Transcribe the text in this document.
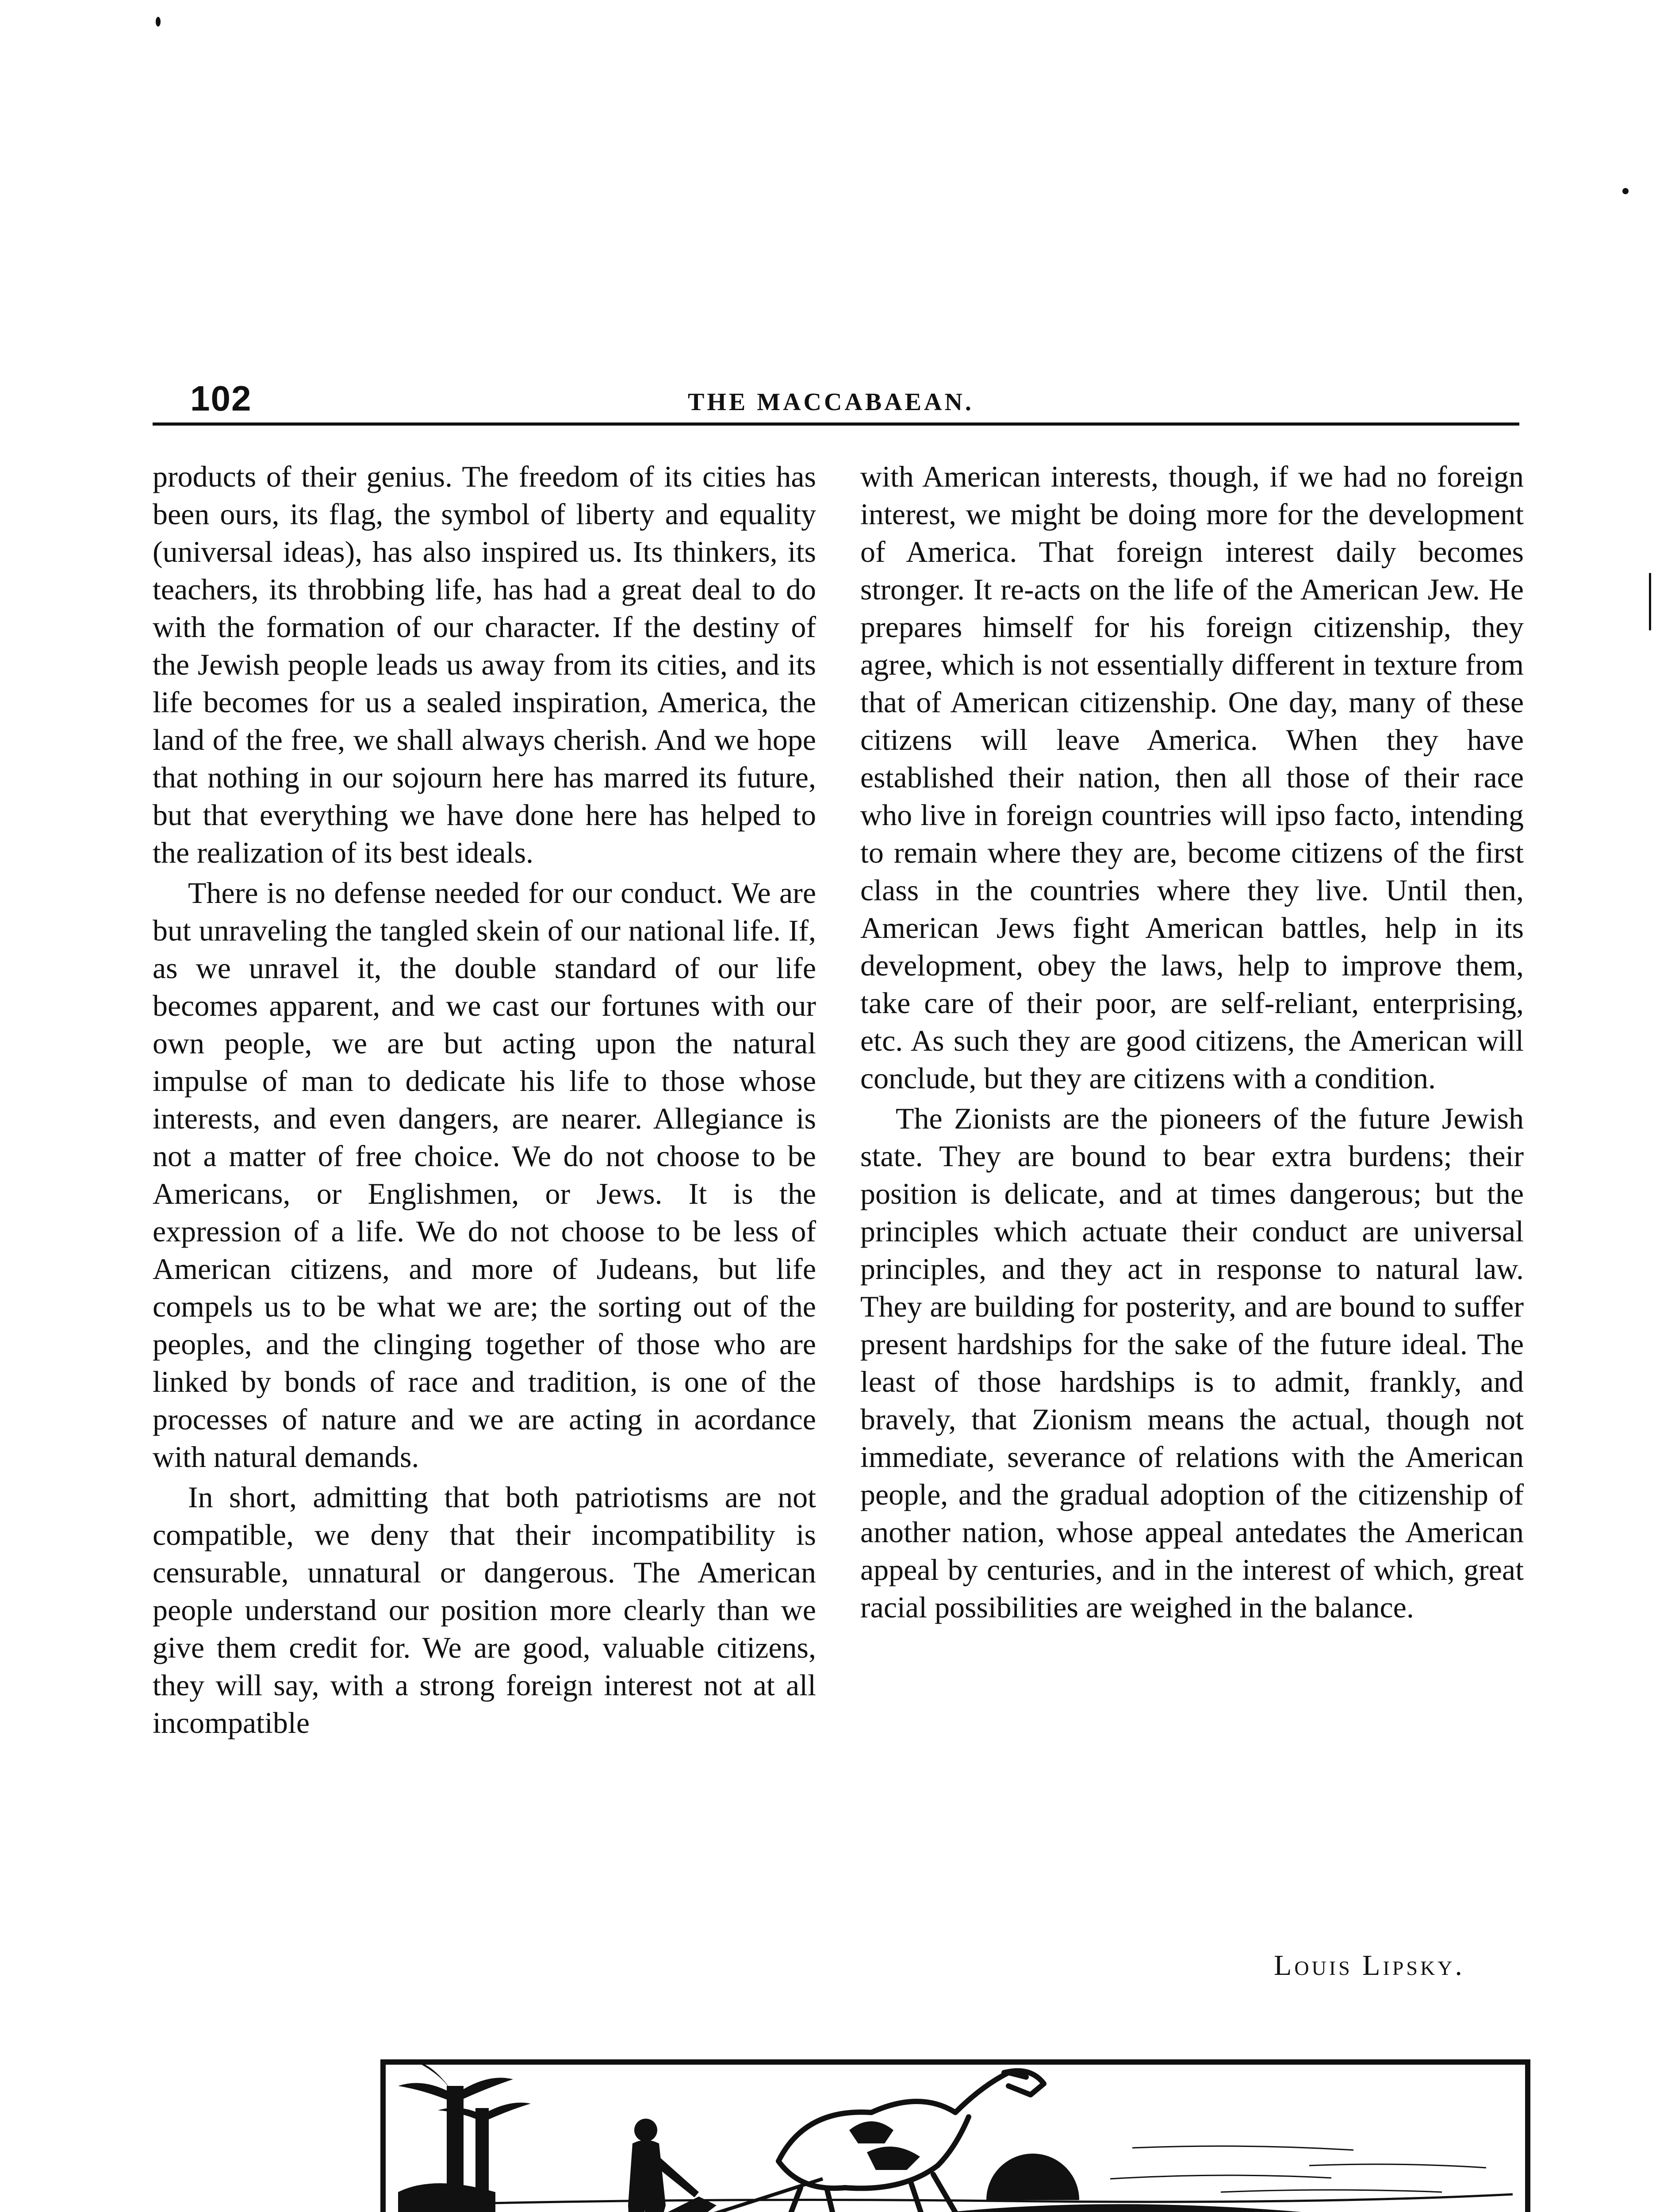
102	THE MACCABAEAN.

products of their genius. The freedom of its cities has been ours, its flag, the symbol of liberty and equality (universal ideas), has also inspired us. Its thinkers, its teachers, its throbbing life, has had a great deal to do with the formation of our character. If the destiny of the Jewish people leads us away from its cities, and its life becomes for us a sealed inspiration, America, the land of the free, we shall always cherish. And we hope that nothing in our sojourn here has marred its future, but that everything we have done here has helped to the realization of its best ideals.

There is no defense needed for our conduct. We are but unraveling the tangled skein of our national life. If, as we unravel it, the double standard of our life becomes apparent, and we cast our fortunes with our own people, we are but acting upon the natural impulse of man to dedicate his life to those whose interests, and even dangers, are nearer. Allegiance is not a matter of free choice. We do not choose to be Americans, or Englishmen, or Jews. It is the expression of a life. We do not choose to be less of American citizens, and more of Judeans, but life compels us to be what we are; the sorting out of the peoples, and the clinging together of those who are linked by bonds of race and tradition, is one of the processes of nature and we are acting in acordance with natural demands.

In short, admitting that both patriotisms are not compatible, we deny that their incompatibility is censurable, unnatural or dangerous. The American people understand our position more clearly than we give them credit for. We are good, valuable citizens, they will say, with a strong foreign interest not at all incompatible

with American interests, though, if we had no foreign interest, we might be doing more for the development of America. That foreign interest daily becomes stronger. It re-acts on the life of the American Jew. He prepares himself for his foreign citizenship, they agree, which is not essentially different in texture from that of American citizenship. One day, many of these citizens will leave America. When they have established their nation, then all those of their race who live in foreign countries will ipso facto, intending to remain where they are, become citizens of the first class in the countries where they live. Until then, American Jews fight American battles, help in its development, obey the laws, help to improve them, take care of their poor, are self-reliant, enterprising, etc. As such they are good citizens, the American will conclude, but they are citizens with a condition.

The Zionists are the pioneers of the future Jewish state. They are bound to bear extra burdens; their position is delicate, and at times dangerous; but the principles which actuate their conduct are universal principles, and they act in response to natural law. They are building for posterity, and are bound to suffer present hardships for the sake of the future ideal. The least of those hardships is to admit, frankly, and bravely, that Zionism means the actual, though not immediate, severance of relations with the American people, and the gradual adoption of the citizenship of another nation, whose appeal antedates the American appeal by centuries, and in the interest of which, great racial possibilities are weighed in the balance.

Louis Lipsky.
